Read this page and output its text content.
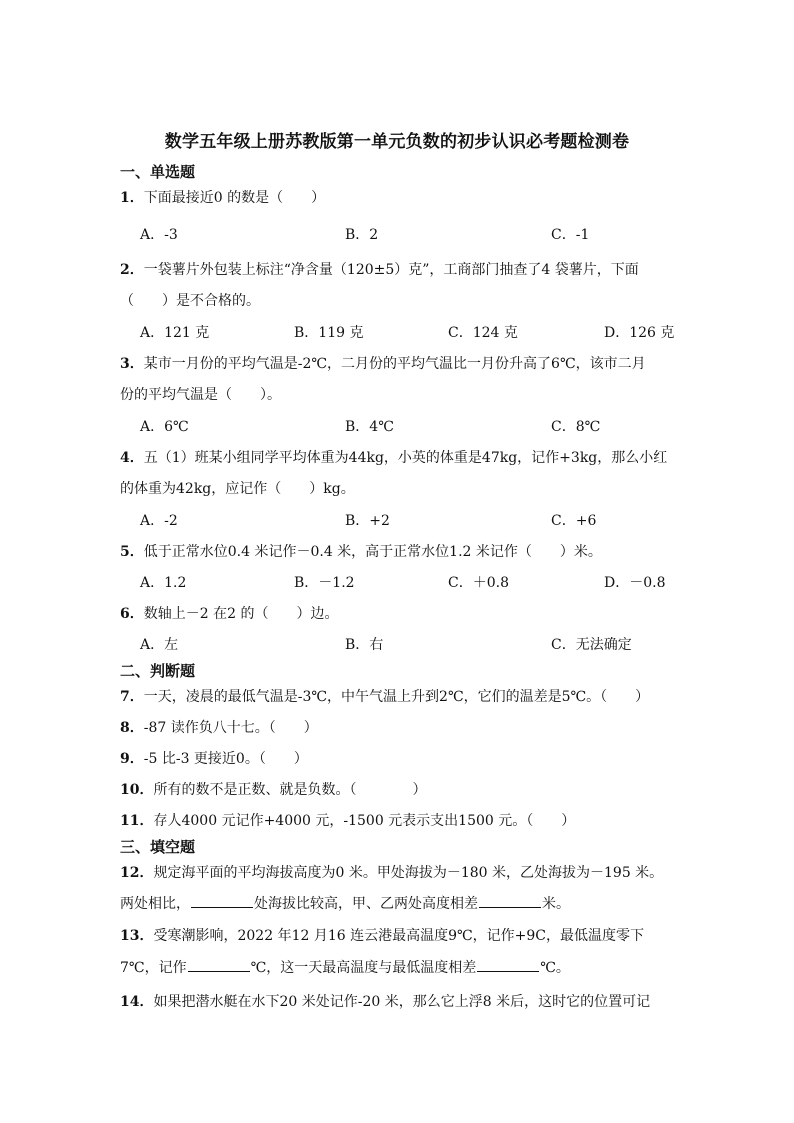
数学五年级上册苏教版第一单元负数的初步认识必考题检测卷
一、单选题
1．下面最接近0 的数是（　　）
A．-3	B．2	C．-1
2．一袋薯片外包装上标注“净含量（120±5）克”，工商部门抽查了4 袋薯片，下面
（　　）是不合格的。
A．121 克	B．119 克	C．124 克	D．126 克
3．某市一月份的平均气温是-2℃，二月份的平均气温比一月份升高了6℃，该市二月
份的平均气温是（　　）。
A．6℃	B．4℃	C．8℃
4．五（1）班某小组同学平均体重为44kg，小英的体重是47kg，记作+3kg，那么小红
的体重为42kg，应记作（　　）kg。
A．-2	B．+2	C．+6
5．低于正常水位0.4 米记作－0.4 米，高于正常水位1.2 米记作（　　）米。
A．1.2	B．－1.2	C．＋0.8	D．－0.8
6．数轴上－2 在2 的（　　）边。
A．左	B．右	C．无法确定
二、判断题
7．一天，凌晨的最低气温是-3℃，中午气温上升到2℃，它们的温差是5℃。（　　）
8．-87 读作负八十七。（　　）
9．-5 比-3 更接近0。（　　）
10．所有的数不是正数、就是负数。（　　　　）
11．存人4000 元记作+4000 元，-1500 元表示支出1500 元。（　　）
三、填空题
12．规定海平面的平均海拔高度为0 米。甲处海拔为－180 米，乙处海拔为－195 米。
两处相比，	处海拔比较高，甲、乙两处高度相差	米。
13．受寒潮影响，2022 年12 月16 连云港最高温度9℃，记作+9C，最低温度零下
7℃，记作	℃，这一天最高温度与最低温度相差	℃。
14．如果把潜水艇在水下20 米处记作-20 米，那么它上浮8 米后，这时它的位置可记
